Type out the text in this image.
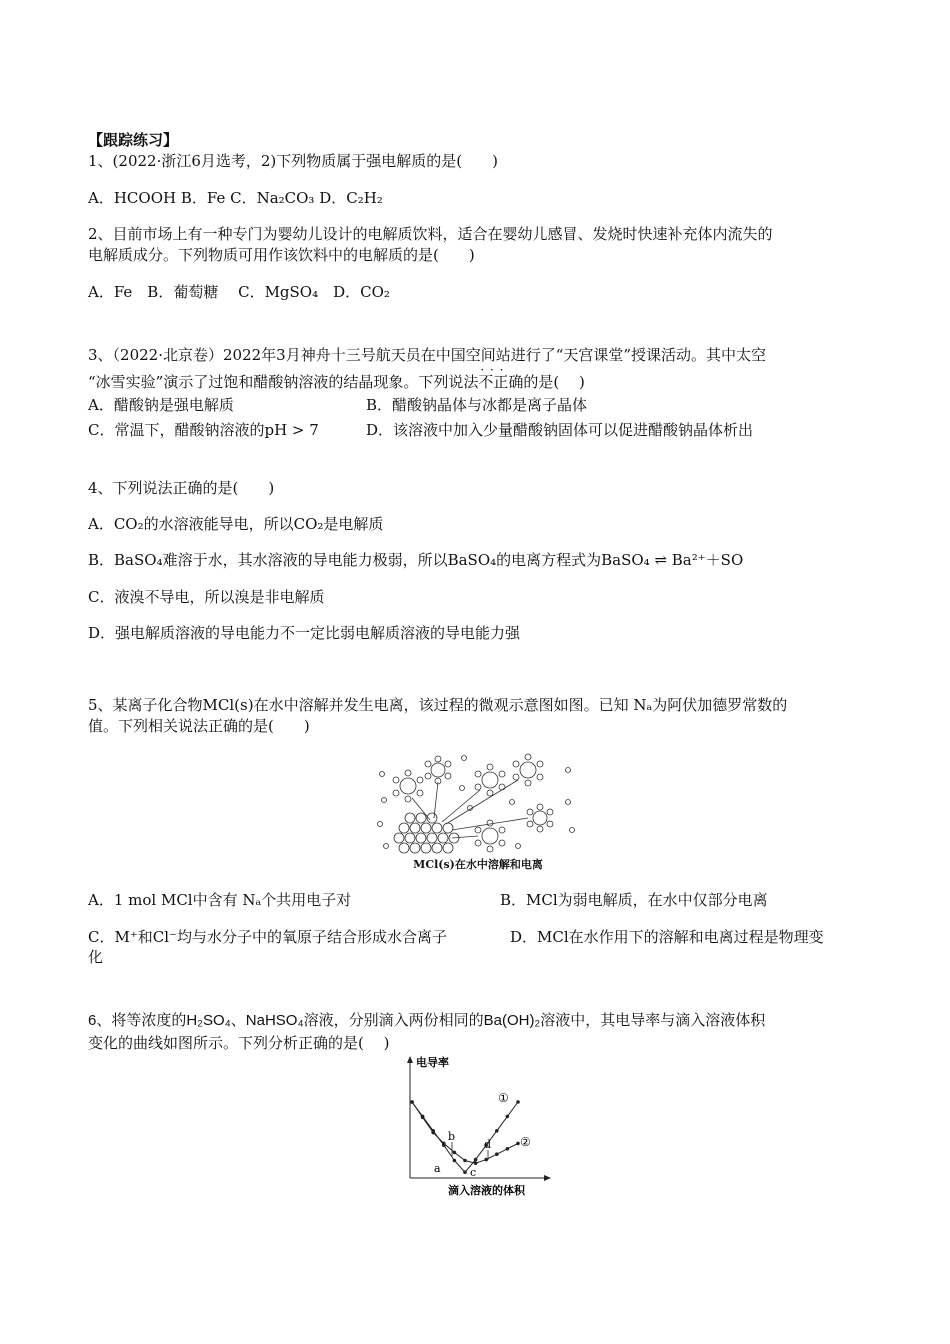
【跟踪练习】
1、(2022·浙江6月选考，2)下列物质属于强电解质的是(　　)
A．HCOOH B．Fe C．Na₂CO₃ D．C₂H₂
2、目前市场上有一种专门为婴幼儿设计的电解质饮料，适合在婴幼儿感冒、发烧时快速补充体内流失的
电解质成分。下列物质可用作该饮料中的电解质的是(　　)
A．Fe　B．葡萄糖　 C．MgSO₄　D．CO₂
3、（2022·北京卷）2022年3月神舟十三号航天员在中国空间站进行了“天宫课堂”授课活动。其中太空
“冰雪实验”演示了过饱和醋酸钠溶液的结晶现象。下列说法不正确 · · ·的是(　 )
A．醋酸钠是强电解质	B．醋酸钠晶体与冰都是离子晶体
C．常温下，醋酸钠溶液的pH > 7	D．该溶液中加入少量醋酸钠固体可以促进醋酸钠晶体析出
4、下列说法正确的是(　　)
A．CO₂的水溶液能导电，所以CO₂是电解质
B．BaSO₄难溶于水，其水溶液的导电能力极弱，所以BaSO₄的电离方程式为BaSO₄ ⇌ Ba²⁺＋SO
C．液溴不导电，所以溴是非电解质
D．强电解质溶液的导电能力不一定比弱电解质溶液的导电能力强
5、某离子化合物MCl(s)在水中溶解并发生电离，该过程的微观示意图如图。已知 Nₐ为阿伏加德罗常数的
值。下列相关说法正确的是(　　)
MCl(s)在水中溶解和电离
A．1 mol MCl中含有 Nₐ个共用电子对	B．MCl为弱电解质，在水中仅部分电离
C．M⁺和Cl⁻均与水分子中的氧原子结合形成水合离子	D．MCl在水作用下的溶解和电离过程是物理变
化
6、将等浓度的H₂SO₄、NaHSO₄溶液，分别滴入两份相同的Ba(OH)₂溶液中，其电导率与滴入溶液体积
变化的曲线如图所示。下列分析正确的是(　 )
电导率
滴入溶液的体积
a
b
c
d
①
②
